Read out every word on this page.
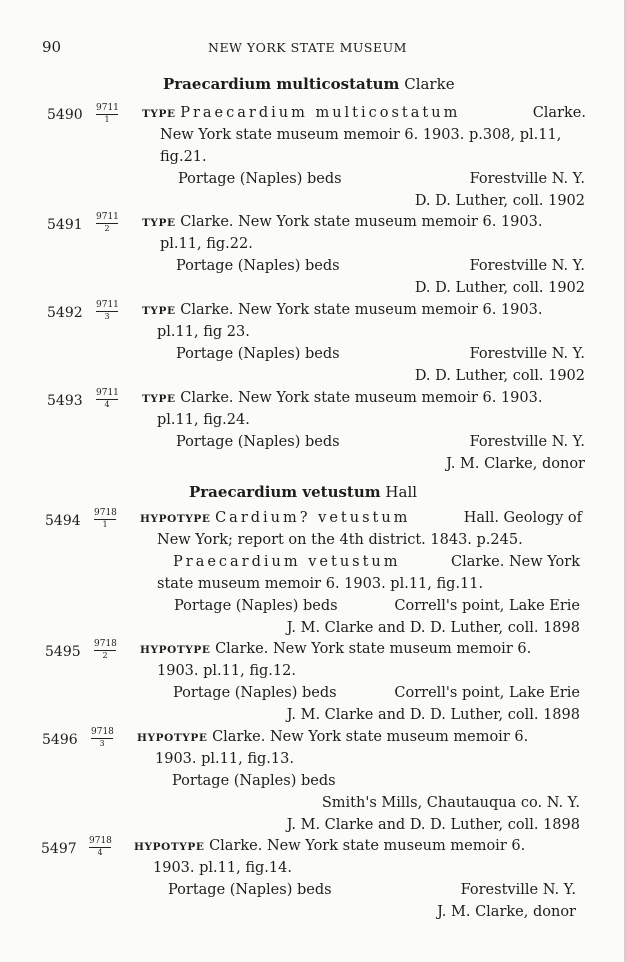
90	NEW YORK STATE MUSEUM
Praecardium multicostatum Clarke
$5490 \frac{9711}{1}$ TYPE Praecardium multicostatum	Clarke.
New York state museum memoir 6. 1903. p.308, pl.11,
fig.21.
Portage (Naples) beds	Forestville N. Y.
D. D. Luther, coll. 1902
$5491 \frac{9711}{2}$ TYPE Clarke. New York state museum memoir 6. 1903.
pl.11, fig.22.
Portage (Naples) beds	Forestville N. Y.
D. D. Luther, coll. 1902
$5492 \frac{9711}{3}$ TYPE Clarke. New York state museum memoir 6. 1903.
pl.11, fig 23.
Portage (Naples) beds	Forestville N. Y.
D. D. Luther, coll. 1902
$5493 \frac{9711}{4}$ TYPE Clarke. New York state museum memoir 6. 1903.
pl.11, fig.24.
Portage (Naples) beds	Forestville N. Y.
J. M. Clarke, donor
Praecardium vetustum Hall
$5494 \frac{9718}{1}$ HYPOTYPE Cardium? vetustum	Hall. Geology of
New York; report on the 4th district. 1843. p.245.
Praecardium vetustum	Clarke. New York
state museum memoir 6. 1903. pl.11, fig.11.
Portage (Naples) beds	Correll's point, Lake Erie
J. M. Clarke and D. D. Luther, coll. 1898
$5495 \frac{9718}{2}$ HYPOTYPE Clarke. New York state museum memoir 6.
1903. pl.11, fig.12.
Portage (Naples) beds	Correll's point, Lake Erie
J. M. Clarke and D. D. Luther, coll. 1898
$5496 \frac{9718}{3}$ HYPOTYPE Clarke. New York state museum memoir 6.
1903. pl.11, fig.13.
Portage (Naples) beds
Smith's Mills, Chautauqua co. N. Y.
J. M. Clarke and D. D. Luther, coll. 1898
$5497 \frac{9718}{4}$ HYPOTYPE Clarke. New York state museum memoir 6.
1903. pl.11, fig.14.
Portage (Naples) beds	Forestville N. Y.
J. M. Clarke, donor
